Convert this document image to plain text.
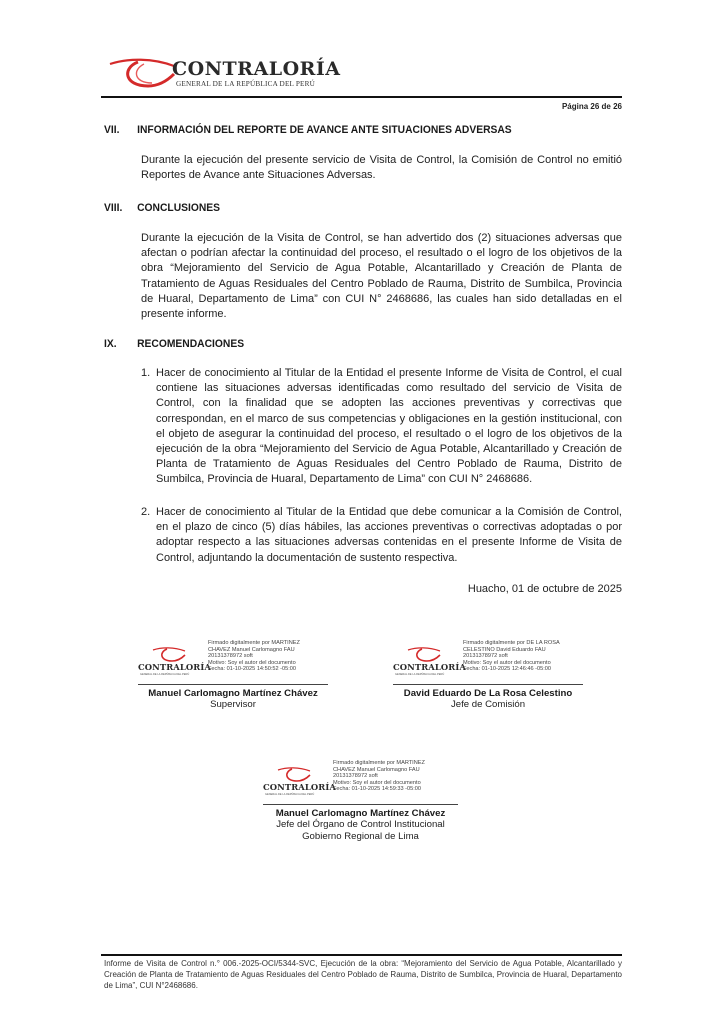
CONTRALORÍA
GENERAL DE LA REPÚBLICA DEL PERÚ
Página 26 de 26
VII. INFORMACIÓN DEL REPORTE DE AVANCE ANTE SITUACIONES ADVERSAS
Durante la ejecución del presente servicio de Visita de Control, la Comisión de Control no emitió Reportes de Avance ante Situaciones Adversas.
VIII. CONCLUSIONES
Durante la ejecución de la Visita de Control, se han advertido dos (2) situaciones adversas que afectan o podrían afectar la continuidad del proceso, el resultado o el logro de los objetivos de la obra “Mejoramiento del Servicio de Agua Potable, Alcantarillado y Creación de Planta de Tratamiento de Aguas Residuales del Centro Poblado de Rauma, Distrito de Sumbilca, Provincia de Huaral, Departamento de Lima” con CUI N° 2468686, las cuales han sido detalladas en el presente informe.
IX. RECOMENDACIONES
1. Hacer de conocimiento al Titular de la Entidad el presente Informe de Visita de Control, el cual contiene las situaciones adversas identificadas como resultado del servicio de Visita de Control, con la finalidad que se adopten las acciones preventivas y correctivas que correspondan, en el marco de sus competencias y obligaciones en la gestión institucional, con el objeto de asegurar la continuidad del proceso, el resultado o el logro de los objetivos de la ejecución de la obra “Mejoramiento del Servicio de Agua Potable, Alcantarillado y Creación de Planta de Tratamiento de Aguas Residuales del Centro Poblado de Rauma, Distrito de Sumbilca, Provincia de Huaral, Departamento de Lima” con CUI N° 2468686.
2. Hacer de conocimiento al Titular de la Entidad que debe comunicar a la Comisión de Control, en el plazo de cinco (5) días hábiles, las acciones preventivas o correctivas adoptadas o por adoptar respecto a las situaciones adversas contenidas en el presente Informe de Visita de Control, adjuntando la documentación de sustento respectiva.
Huacho, 01 de octubre de 2025
CONTRALORÍA
GENERAL DE LA REPÚBLICA DEL PERÚ
Firmado digitalmente por MARTINEZ
CHAVEZ Manuel Carlomagno FAU
20131378972 soft
Motivo: Soy el autor del documento
Fecha: 01-10-2025 14:50:52 -05:00
Manuel Carlomagno Martínez Chávez
Supervisor
CONTRALORÍA
GENERAL DE LA REPÚBLICA DEL PERÚ
Firmado digitalmente por DE LA ROSA
CELESTINO David Eduardo FAU
20131378972 soft
Motivo: Soy el autor del documento
Fecha: 01-10-2025 12:46:46 -05:00
David Eduardo De La Rosa Celestino
Jefe de Comisión
CONTRALORÍA
GENERAL DE LA REPÚBLICA DEL PERÚ
Firmado digitalmente por MARTINEZ
CHAVEZ Manuel Carlomagno FAU
20131378972 soft
Motivo: Soy el autor del documento
Fecha: 01-10-2025 14:59:33 -05:00
Manuel Carlomagno Martínez Chávez
Jefe del Órgano de Control Institucional
Gobierno Regional de Lima
Informe de Visita de Control n.° 006.-2025-OCI/5344-SVC, Ejecución de la obra: “Mejoramiento del Servicio de Agua Potable, Alcantarillado y Creación de Planta de Tratamiento de Aguas Residuales del Centro Poblado de Rauma, Distrito de Sumbilca, Provincia de Huaral, Departamento de Lima”, CUI N°2468686.
